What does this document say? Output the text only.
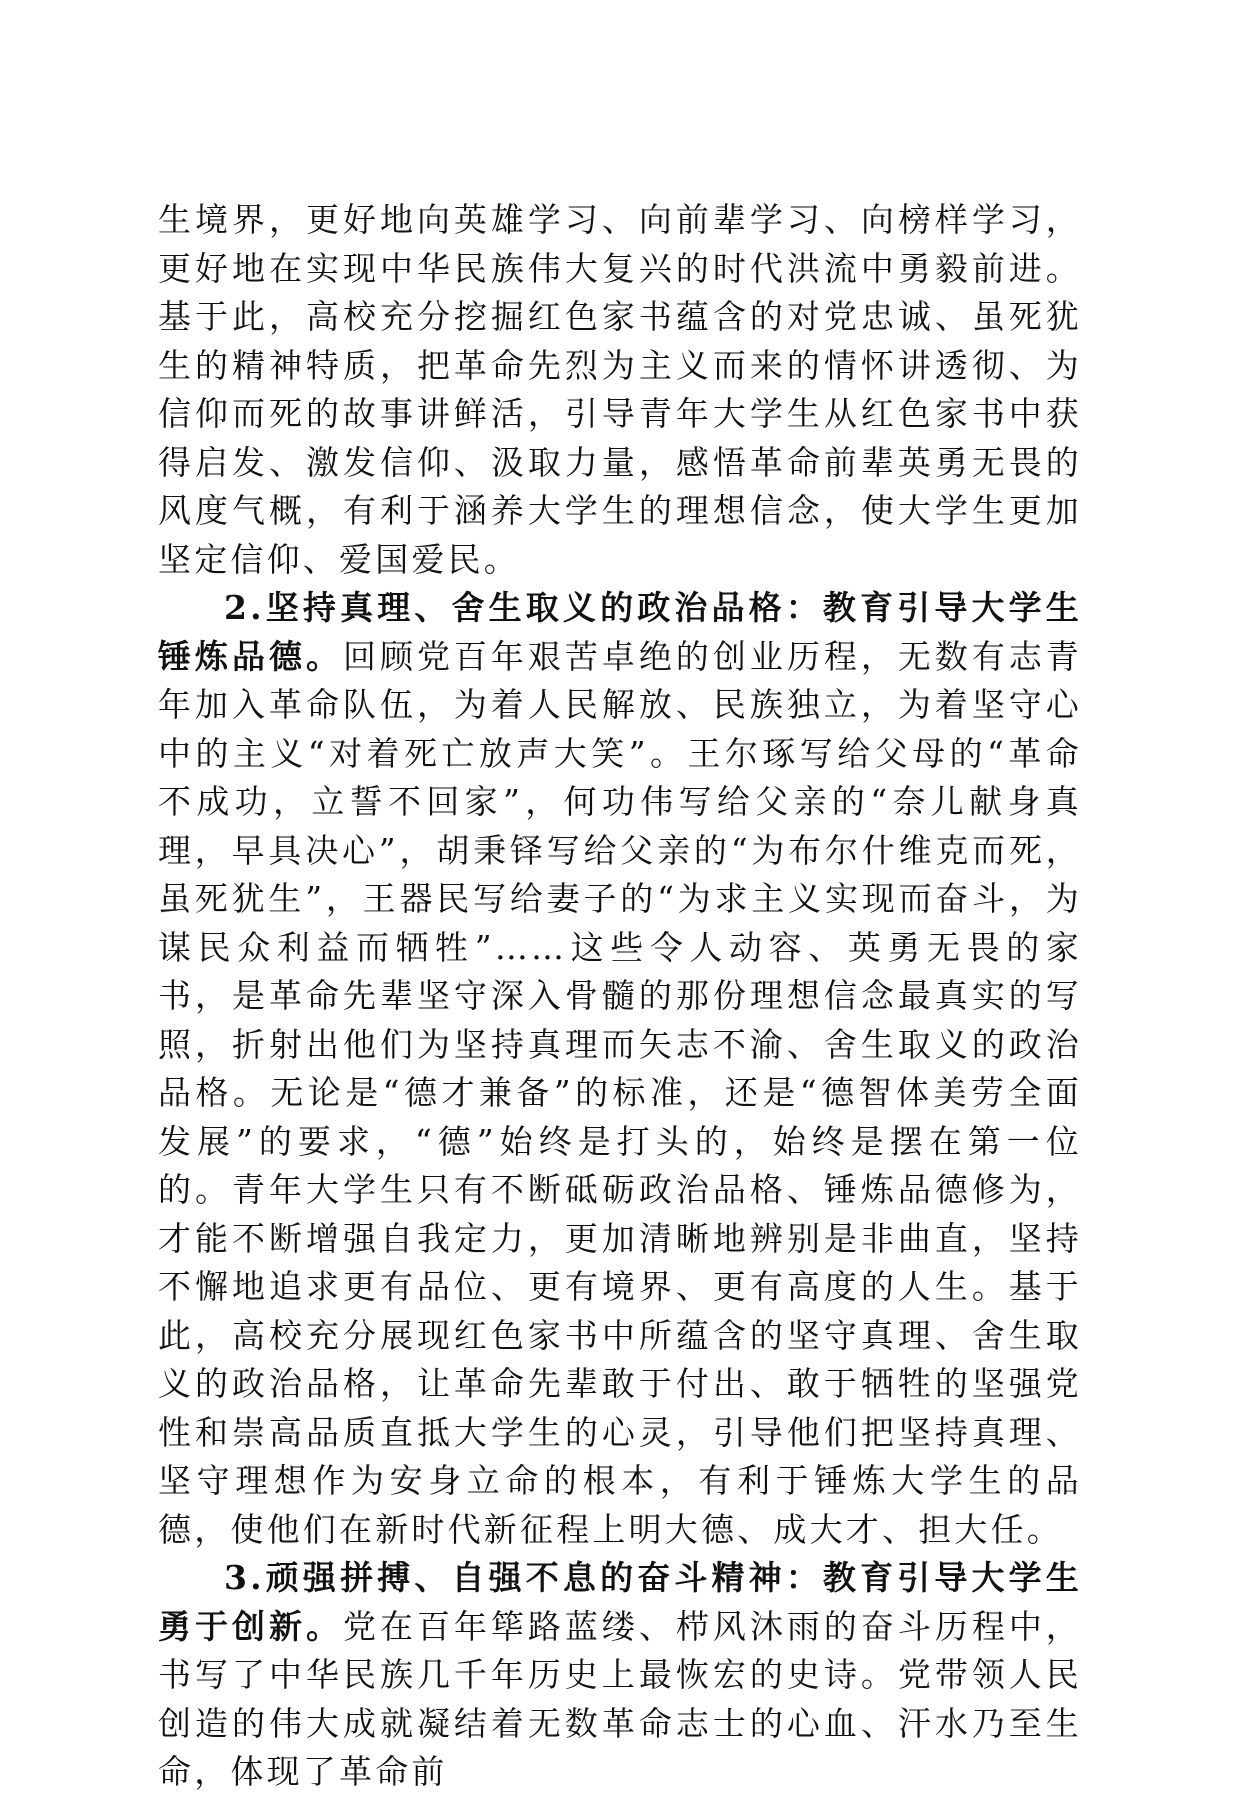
生境界，更好地向英雄学习、向前辈学习、向榜样学习，更好地在实现中华民族伟大复兴的时代洪流中勇毅前进。基于此，高校充分挖掘红色家书蕴含的对党忠诚、虽死犹生的精神特质，把革命先烈为主义而来的情怀讲透彻、为信仰而死的故事讲鲜活，引导青年大学生从红色家书中获得启发、激发信仰、汲取力量，感悟革命前辈英勇无畏的风度气概，有利于涵养大学生的理想信念，使大学生更加坚定信仰、爱国爱民。

2.坚持真理、舍生取义的政治品格：教育引导大学生锤炼品德。回顾党百年艰苦卓绝的创业历程，无数有志青年加入革命队伍，为着人民解放、民族独立，为着坚守心中的主义“对着死亡放声大笑”。王尔琢写给父母的“革命不成功，立誓不回家”，何功伟写给父亲的“奈儿献身真理，早具决心”，胡秉铎写给父亲的“为布尔什维克而死，虽死犹生”，王器民写给妻子的“为求主义实现而奋斗，为谋民众利益而牺牲”……这些令人动容、英勇无畏的家书，是革命先辈坚守深入骨髓的那份理想信念最真实的写照，折射出他们为坚持真理而矢志不渝、舍生取义的政治品格。无论是“德才兼备”的标准，还是“德智体美劳全面发展”的要求，“德”始终是打头的，始终是摆在第一位的。青年大学生只有不断砥砺政治品格、锤炼品德修为，才能不断增强自我定力，更加清晰地辨别是非曲直，坚持不懈地追求更有品位、更有境界、更有高度的人生。基于此，高校充分展现红色家书中所蕴含的坚守真理、舍生取义的政治品格，让革命先辈敢于付出、敢于牺牲的坚强党性和崇高品质直抵大学生的心灵，引导他们把坚持真理、坚守理想作为安身立命的根本，有利于锤炼大学生的品德，使他们在新时代新征程上明大德、成大才、担大任。

3.顽强拼搏、自强不息的奋斗精神：教育引导大学生勇于创新。党在百年筚路蓝缕、栉风沐雨的奋斗历程中，书写了中华民族几千年历史上最恢宏的史诗。党带领人民创造的伟大成就凝结着无数革命志士的心血、汗水乃至生命，体现了革命前
